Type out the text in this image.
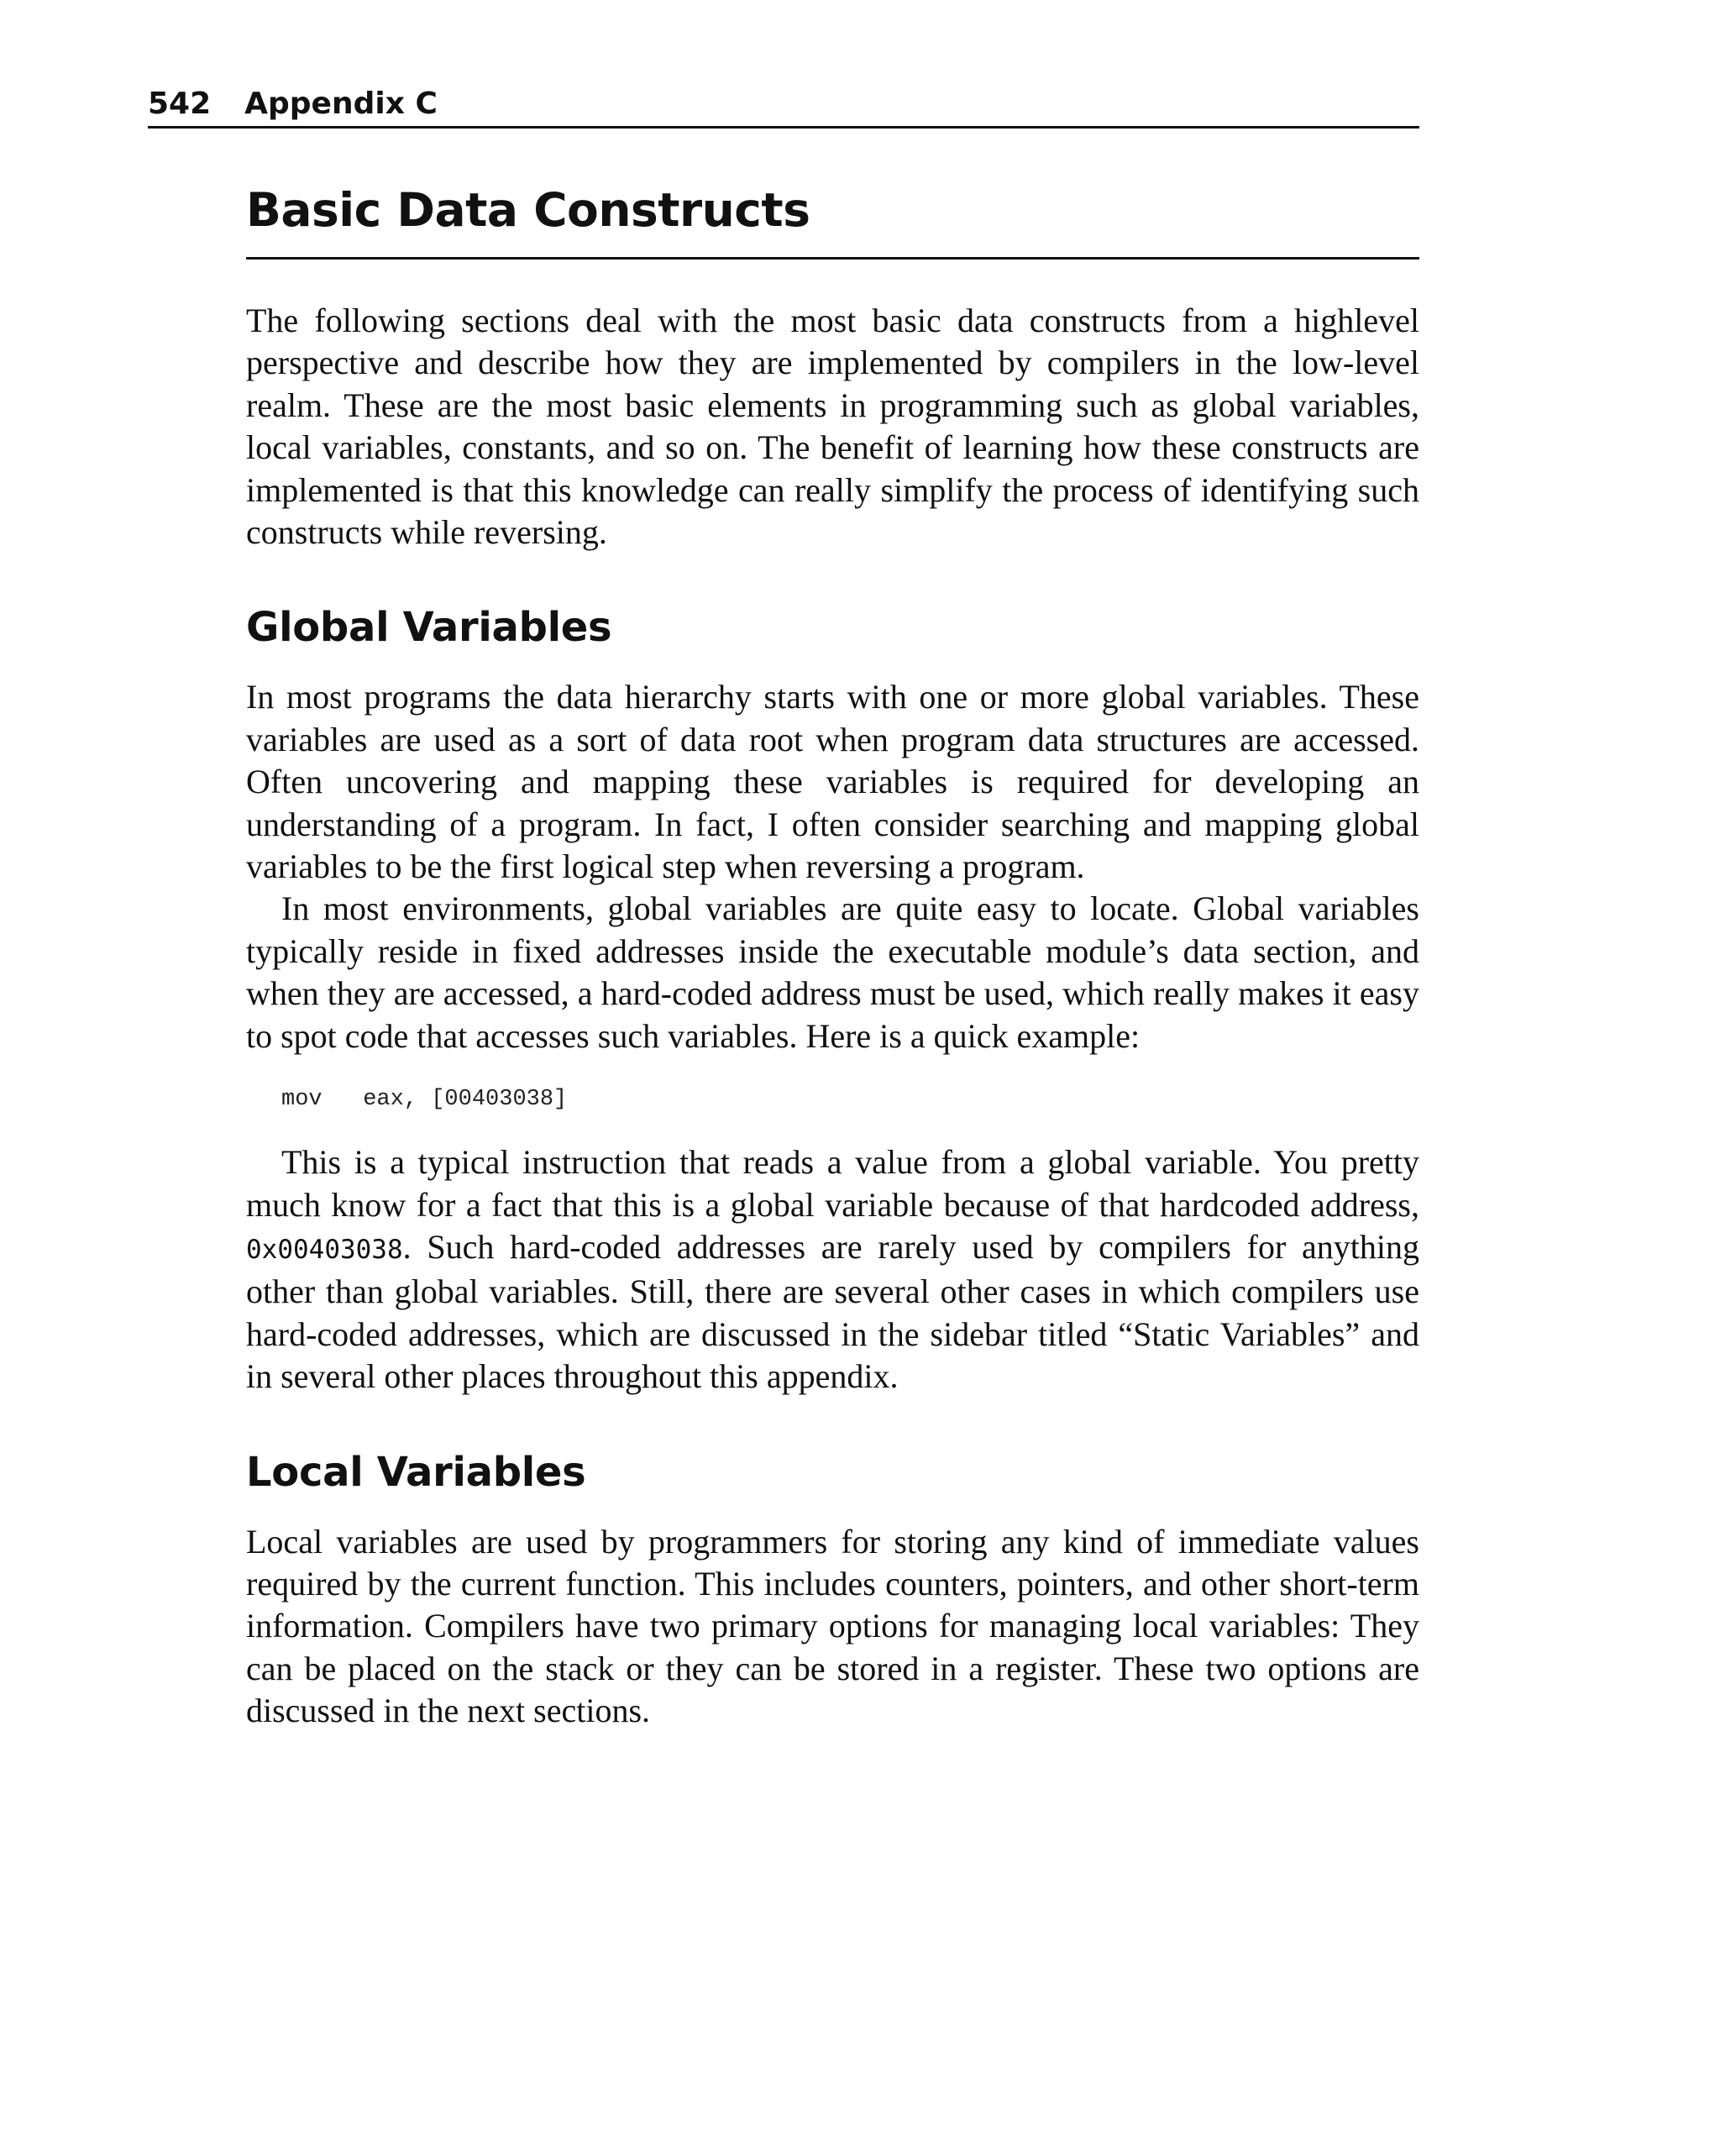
542 Appendix C
Basic Data Constructs

The following sections deal with the most basic data constructs from a highlevel perspective and describe how they are implemented by compilers in the low-level realm. These are the most basic elements in programming such as global variables, local variables, constants, and so on. The benefit of learning how these constructs are implemented is that this knowledge can really simplify the process of identifying such constructs while reversing.

Global Variables

In most programs the data hierarchy starts with one or more global variables. These variables are used as a sort of data root when program data structures are accessed. Often uncovering and mapping these variables is required for developing an understanding of a program. In fact, I often consider searching and mapping global variables to be the first logical step when reversing a program.

In most environments, global variables are quite easy to locate. Global variables typically reside in fixed addresses inside the executable module’s data section, and when they are accessed, a hard-coded address must be used, which really makes it easy to spot code that accesses such variables. Here is a quick example:

mov   eax, [00403038]

This is a typical instruction that reads a value from a global variable. You pretty much know for a fact that this is a global variable because of that hardcoded address, 0x00403038. Such hard-coded addresses are rarely used by compilers for anything other than global variables. Still, there are several other cases in which compilers use hard-coded addresses, which are discussed in the sidebar titled “Static Variables” and in several other places throughout this appendix.

Local Variables

Local variables are used by programmers for storing any kind of immediate values required by the current function. This includes counters, pointers, and other short-term information. Compilers have two primary options for managing local variables: They can be placed on the stack or they can be stored in a register. These two options are discussed in the next sections.
